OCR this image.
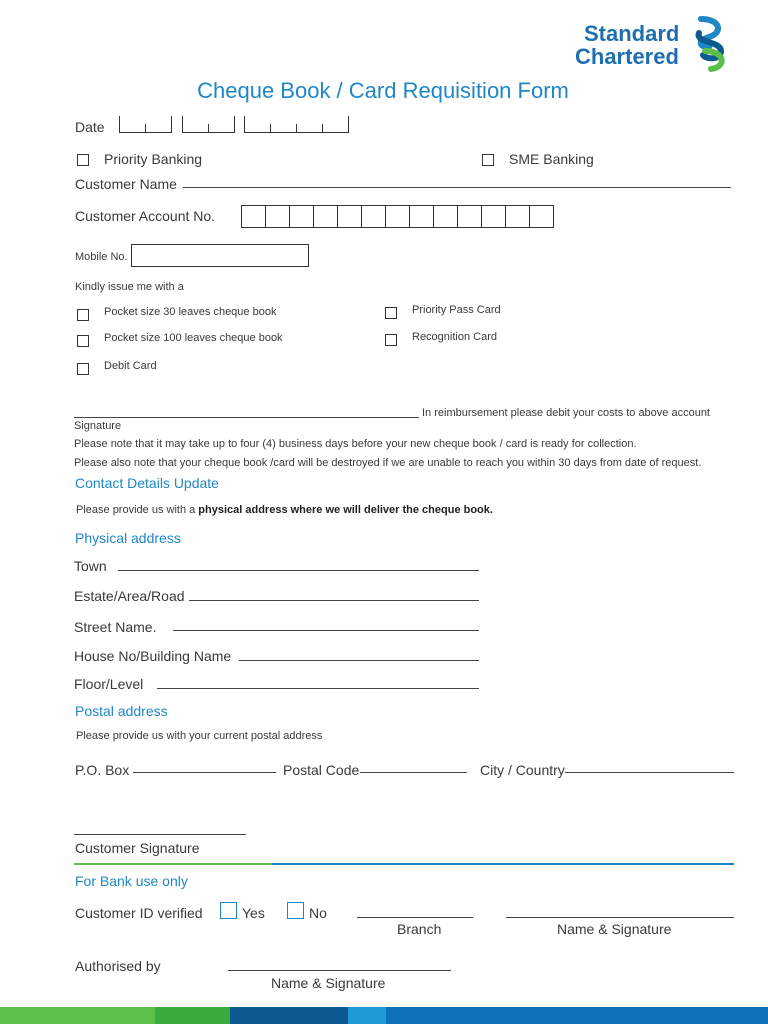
Standard
Chartered
Cheque Book / Card Requisition Form
Date
Priority Banking	SME Banking
Customer Name
Customer Account No.
Mobile No.
Kindly issue me with a
Pocket size 30 leaves cheque book
Pocket size 100 leaves cheque book
Debit Card
Priority Pass Card
Recognition Card
In reimbursement please debit your costs to above account
Signature
Please note that it may take up to four (4) business days before your new cheque book / card is ready for collection.
Please also note that your cheque book /card will be destroyed if we are unable to reach you within 30 days from date of request.
Contact Details Update
Please provide us with a physical address where we will deliver the cheque book.
Physical address
Town
Estate/Area/Road
Street Name.
House No/Building Name
Floor/Level
Postal address
Please provide us with your current postal address
P.O. Box	Postal Code	City / Country
Customer Signature
For Bank use only
Customer ID verified	Yes	No
Branch	Name & Signature
Authorised by
Name & Signature
